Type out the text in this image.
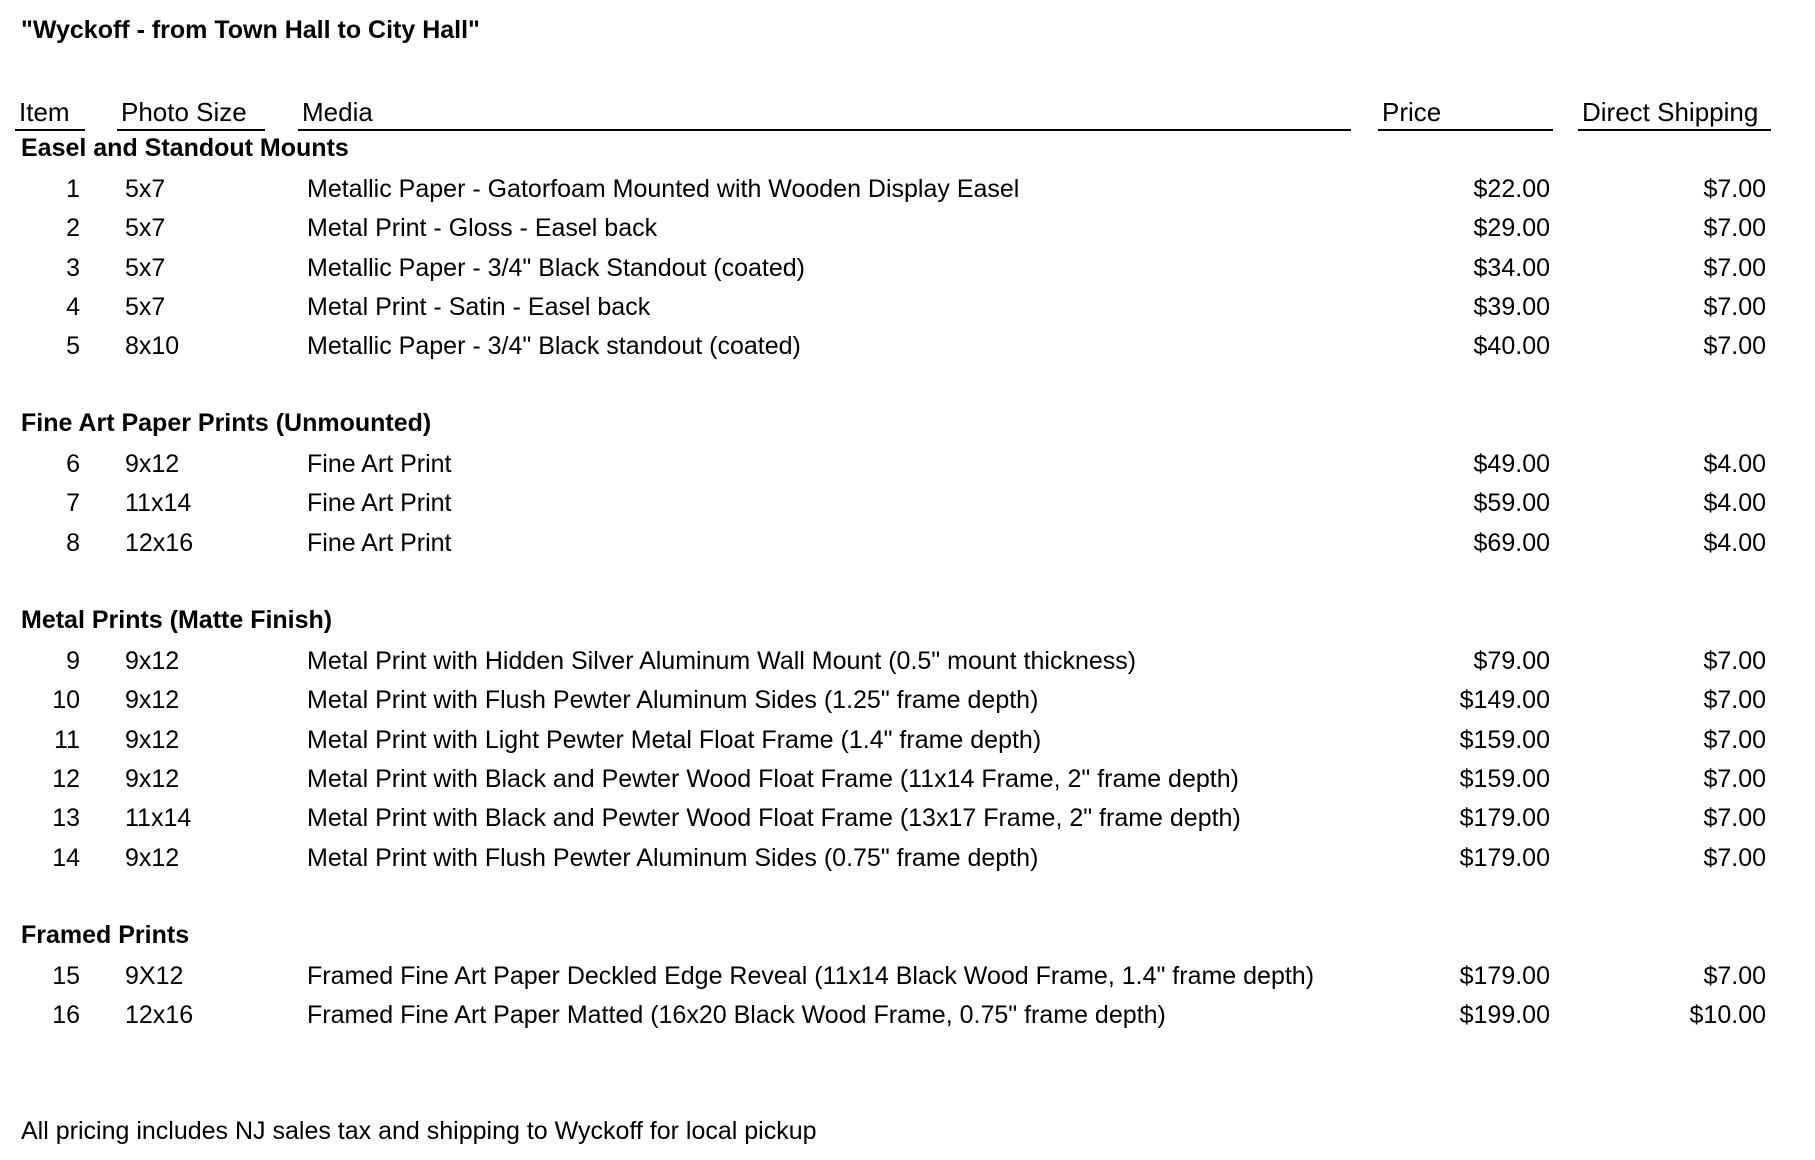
"Wyckoff - from Town Hall to City Hall"
Item	Photo Size	Media	Price	Direct Shipping
Easel and Standout Mounts
1 5x7	Metallic Paper - Gatorfoam Mounted with Wooden Display Easel	$22.00	$7.00
2 5x7	Metal Print - Gloss - Easel back	$29.00	$7.00
3 5x7	Metallic Paper - 3/4" Black Standout (coated)	$34.00	$7.00
4 5x7	Metal Print - Satin - Easel back	$39.00	$7.00
5 8x10	Metallic Paper - 3/4" Black standout (coated)	$40.00	$7.00
Fine Art Paper Prints (Unmounted)
6 9x12	Fine Art Print	$49.00	$4.00
7 11x14	Fine Art Print	$59.00	$4.00
8 12x16	Fine Art Print	$69.00	$4.00
Metal Prints (Matte Finish)
9 9x12	Metal Print with Hidden Silver Aluminum Wall Mount (0.5" mount thickness)	$79.00	$7.00
10 9x12	Metal Print with Flush Pewter Aluminum Sides (1.25" frame depth)	$149.00	$7.00
11 9x12	Metal Print with Light Pewter Metal Float Frame (1.4" frame depth)	$159.00	$7.00
12 9x12	Metal Print with Black and Pewter Wood Float Frame (11x14 Frame, 2" frame depth)	$159.00	$7.00
13 11x14	Metal Print with Black and Pewter Wood Float Frame (13x17 Frame, 2" frame depth)	$179.00	$7.00
14 9x12	Metal Print with Flush Pewter Aluminum Sides (0.75" frame depth)	$179.00	$7.00
Framed Prints
15 9X12	Framed Fine Art Paper Deckled Edge Reveal (11x14 Black Wood Frame, 1.4" frame depth)	$179.00	$7.00
16 12x16	Framed Fine Art Paper Matted (16x20 Black Wood Frame, 0.75" frame depth)	$199.00	$10.00
All pricing includes NJ sales tax and shipping to Wyckoff for local pickup
